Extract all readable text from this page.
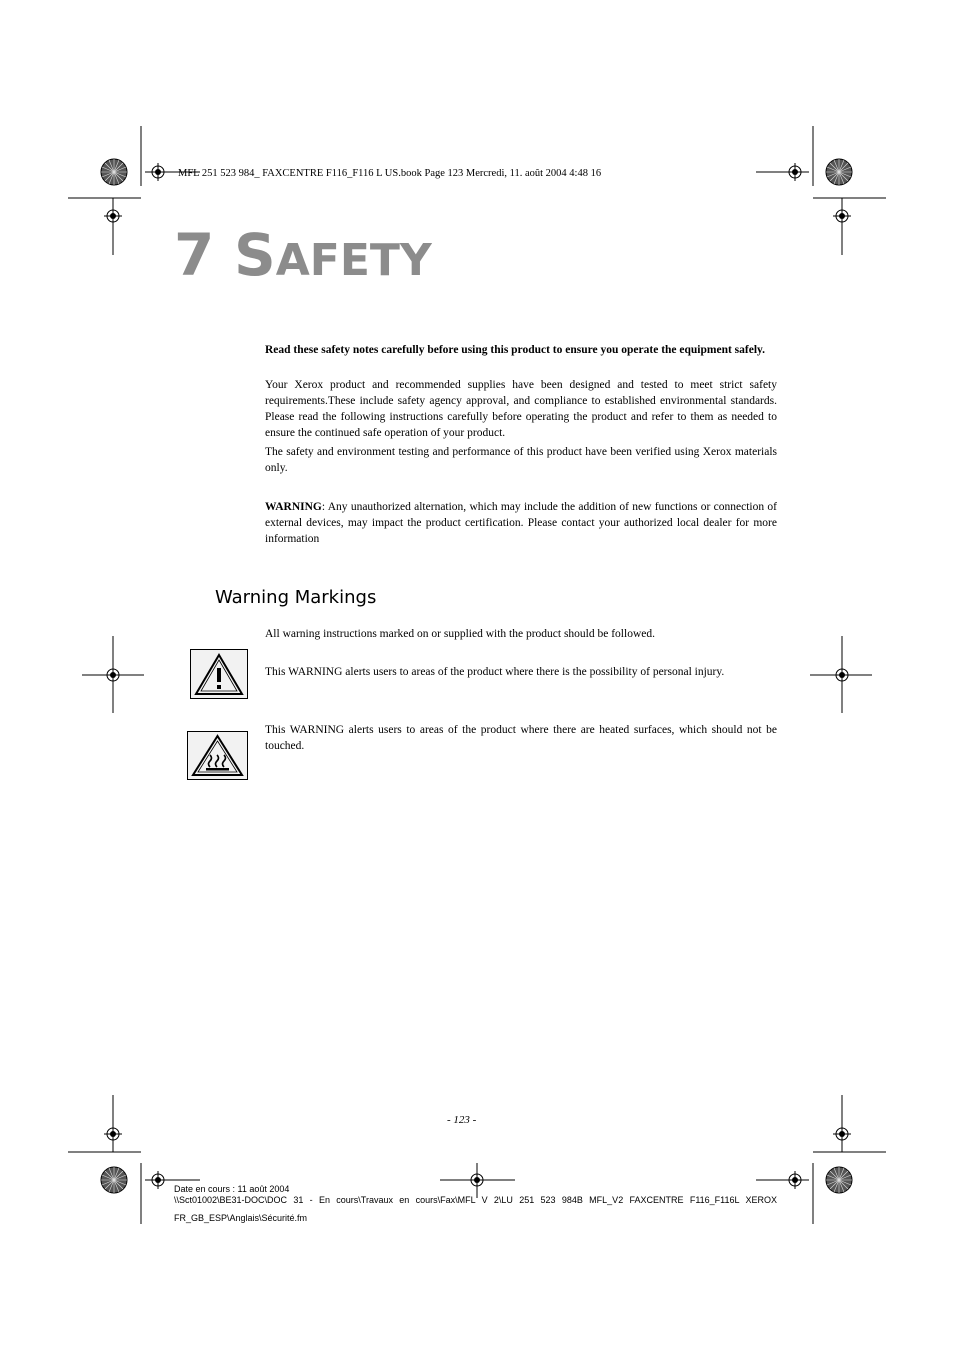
MFL 251 523 984_ FAXCENTRE F116_F116 L US.book Page 123 Mercredi, 11. août 2004 4:48 16
7 SAFETY

Read these safety notes carefully before using this product to ensure you operate the equipment safely.

Your Xerox product and recommended supplies have been designed and tested to meet strict safety requirements.These include safety agency approval, and compliance to established environmental standards. Please read the following instructions carefully before operating the product and refer to them as needed to ensure the continued safe operation of your product.

The safety and environment testing and performance of this product have been verified using Xerox materials only.

WARNING: Any unauthorized alternation, which may include the addition of new functions or connection of external devices, may impact the product certification. Please contact your authorized local dealer for more information

Warning Markings

All warning instructions marked on or supplied with the product should be followed.

This WARNING alerts users to areas of the product where there is the possibility of personal injury.

This WARNING alerts users to areas of the product where there are heated surfaces, which should not be touched.

- 123 -
Date en cours : 11 août 2004
\\Sct01002\BE31-DOC\DOC 31 - En cours\Travaux en cours\Fax\MFL V 2\LU 251 523 984B MFL_V2 FAXCENTRE F116_F116L XEROX
FR_GB_ESP\Anglais\Sécurité.fm
